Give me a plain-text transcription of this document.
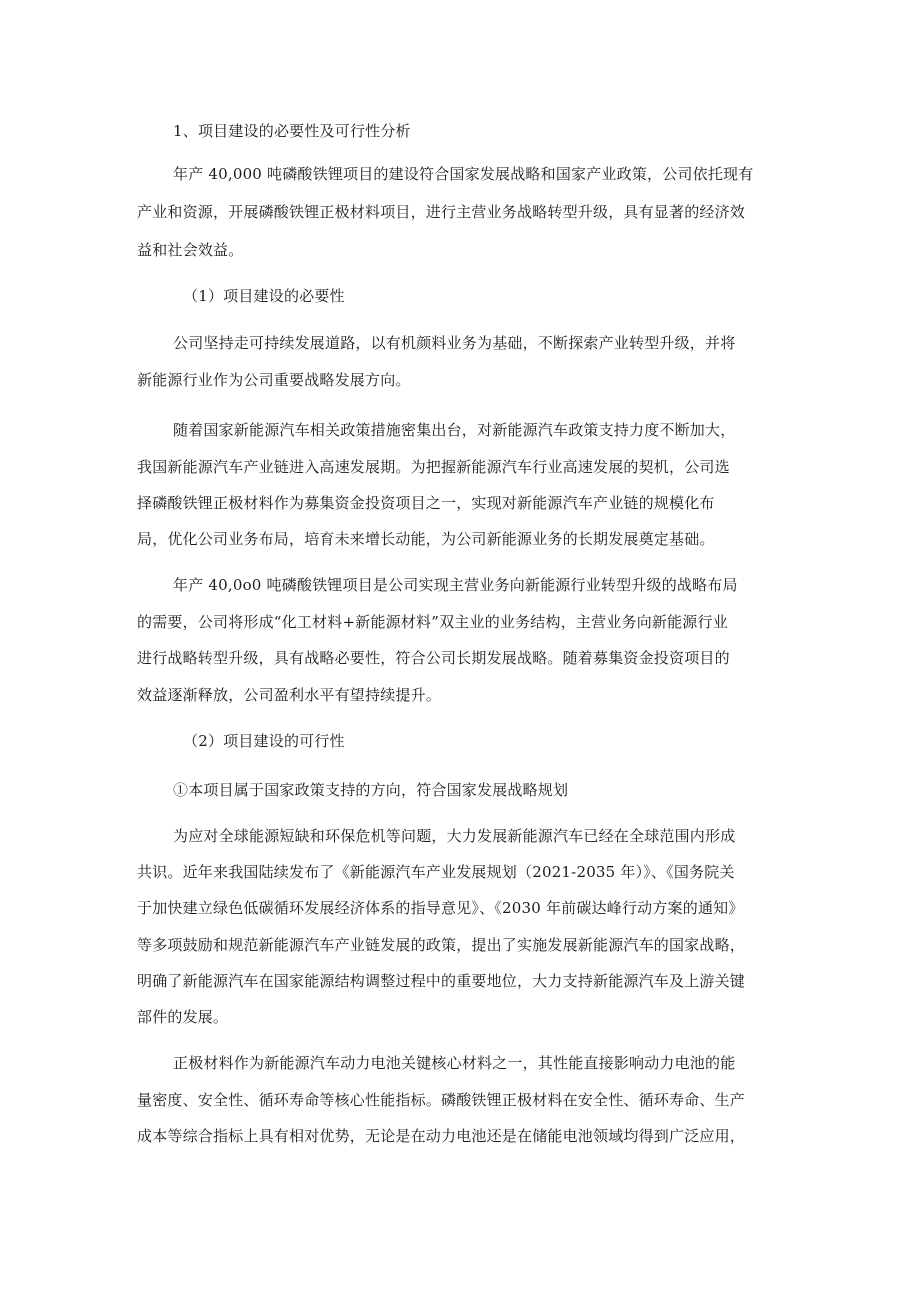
1、项目建设的必要性及可行性分析
年产 40,000 吨磷酸铁锂项目的建设符合国家发展战略和国家产业政策，公司依托现有
产业和资源，开展磷酸铁锂正极材料项目，进行主营业务战略转型升级，具有显著的经济效
益和社会效益。
（1）项目建设的必要性
公司坚持走可持续发展道路，以有机颜料业务为基础，不断探索产业转型升级，并将
新能源行业作为公司重要战略发展方向。
随着国家新能源汽车相关政策措施密集出台，对新能源汽车政策支持力度不断加大，
我国新能源汽车产业链进入高速发展期。为把握新能源汽车行业高速发展的契机，公司选
择磷酸铁锂正极材料作为募集资金投资项目之一，实现对新能源汽车产业链的规模化布
局，优化公司业务布局，培育未来增长动能，为公司新能源业务的长期发展奠定基础。
年产 40,0o0 吨磷酸铁锂项目是公司实现主营业务向新能源行业转型升级的战略布局
的需要，公司将形成“化工材料+新能源材料”双主业的业务结构，主营业务向新能源行业
进行战略转型升级，具有战略必要性，符合公司长期发展战略。随着募集资金投资项目的
效益逐渐释放，公司盈利水平有望持续提升。
（2）项目建设的可行性
①本项目属于国家政策支持的方向，符合国家发展战略规划
为应对全球能源短缺和环保危机等问题，大力发展新能源汽车已经在全球范围内形成
共识。近年来我国陆续发布了《新能源汽车产业发展规划（2021-2035 年）》、《国务院关
于加快建立绿色低碳循环发展经济体系的指导意见》、《2030 年前碳达峰行动方案的通知》
等多项鼓励和规范新能源汽车产业链发展的政策，提出了实施发展新能源汽车的国家战略，
明确了新能源汽车在国家能源结构调整过程中的重要地位，大力支持新能源汽车及上游关键
部件的发展。
正极材料作为新能源汽车动力电池关键核心材料之一，其性能直接影响动力电池的能
量密度、安全性、循环寿命等核心性能指标。磷酸铁锂正极材料在安全性、循环寿命、生产
成本等综合指标上具有相对优势，无论是在动力电池还是在储能电池领域均得到广泛应用，
